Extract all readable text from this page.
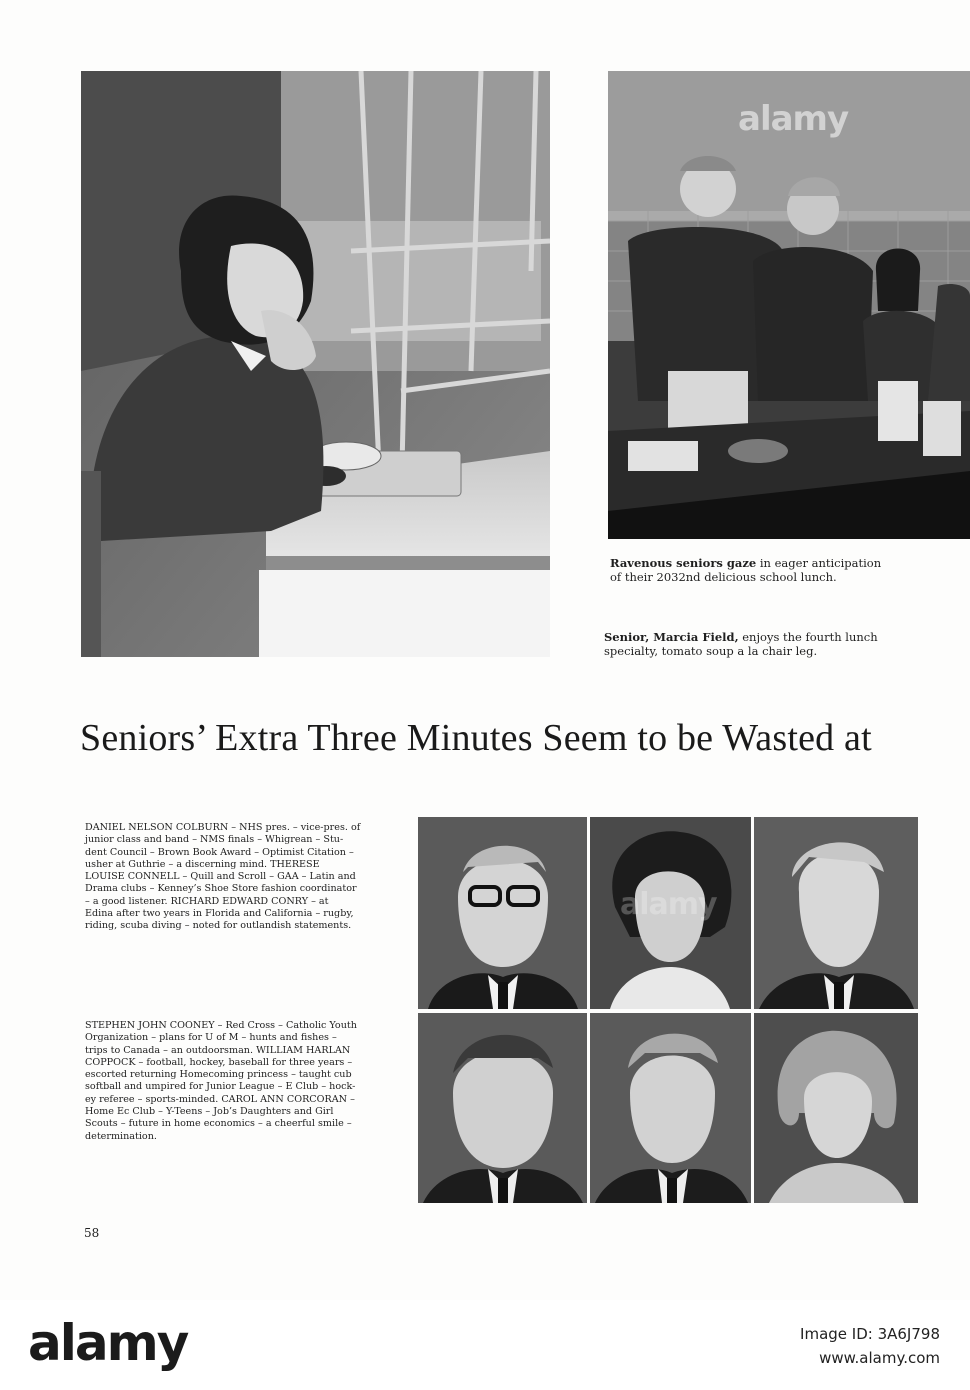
alamy
Ravenous seniors gaze in eager anticipation
of their 2032nd delicious school lunch.
Senior, Marcia Field, enjoys the fourth lunch
specialty, tomato soup a la chair leg.
Seniors’ Extra Three Minutes Seem to be Wasted at
DANIEL NELSON COLBURN – NHS pres. – vice-pres. of
junior class and band – NMS finals – Whigrean – Stu-
dent Council – Brown Book Award – Optimist Citation –
usher at Guthrie – a discerning mind. THERESE
LOUISE CONNELL – Quill and Scroll – GAA – Latin and
Drama clubs – Kenney’s Shoe Store fashion coordinator
– a good listener. RICHARD EDWARD CONRY – at
Edina after two years in Florida and California – rugby,
riding, scuba diving – noted for outlandish statements.
STEPHEN JOHN COONEY – Red Cross – Catholic Youth
Organization – plans for U of M – hunts and fishes –
trips to Canada – an outdoorsman. WILLIAM HARLAN
COPPOCK – football, hockey, baseball for three years –
escorted returning Homecoming princess – taught cub
softball and umpired for Junior League – E Club – hock-
ey referee – sports-minded. CAROL ANN CORCORAN –
Home Ec Club – Y-Teens – Job’s Daughters and Girl
Scouts – future in home economics – a cheerful smile –
determination.
alamy
58
alamy	Image ID: 3A6J798
www.alamy.com
